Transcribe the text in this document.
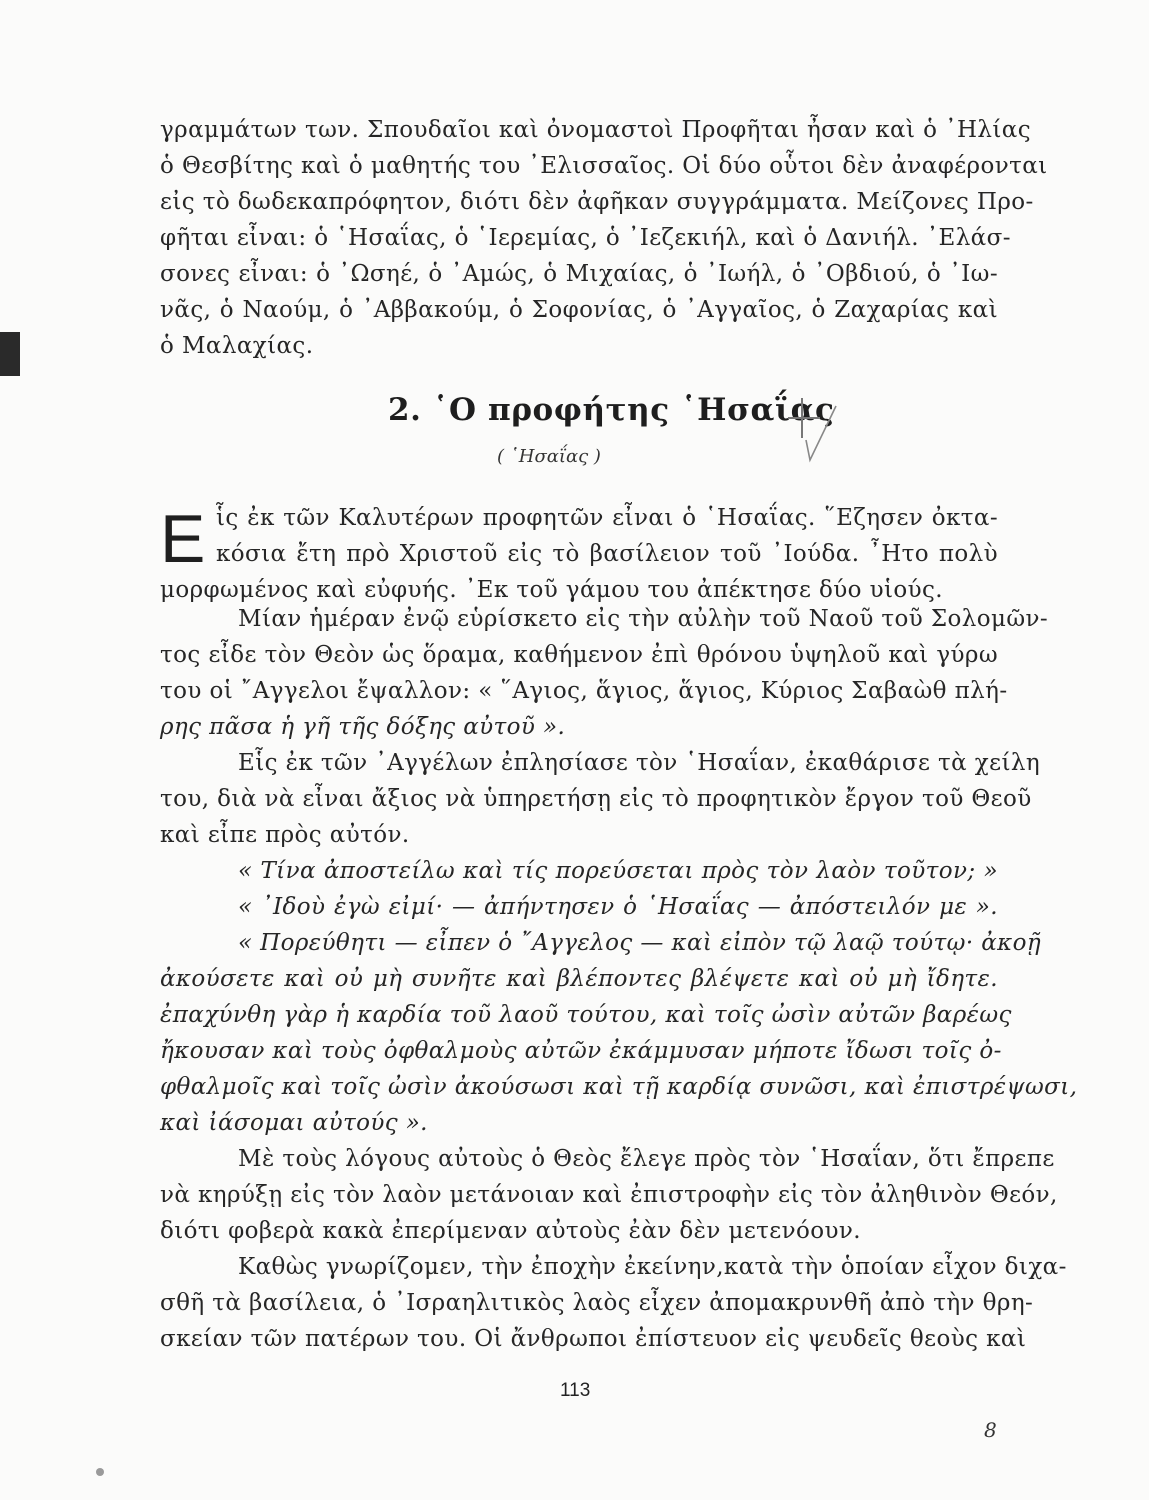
γραμμάτων των. Σπουδαῖοι καὶ ὀνομαστοὶ Προφῆται ἦσαν καὶ ὁ ᾿Ηλίας
ὁ Θεσβίτης καὶ ὁ μαθητής του ᾿Ελισσαῖος. Οἱ δύο οὗτοι δὲν ἀναφέρονται
εἰς τὸ δωδεκαπρόφητον, διότι δὲν ἀφῆκαν συγγράμματα. Μείζονες Προ-
φῆται εἶναι: ὁ ῾Ησαΐας, ὁ ῾Ιερεμίας, ὁ ᾿Ιεζεκιήλ, καὶ ὁ Δανιήλ. ᾿Ελάσ-
σονες εἶναι: ὁ ᾿Ωσηέ, ὁ ᾿Αμώς, ὁ Μιχαίας, ὁ ᾿Ιωήλ, ὁ ᾿Οβδιού, ὁ ᾿Ιω-
νᾶς, ὁ Ναούμ, ὁ ᾿Αββακούμ, ὁ Σοφονίας, ὁ ᾿Αγγαῖος, ὁ Ζαχαρίας καὶ
ὁ Μαλαχίας.
2. ῾Ο προφήτης ῾Ησαΐας
( ῾Ησαΐας )
Ε ἷς ἐκ τῶν Καλυτέρων προφητῶν εἶναι ὁ ῾Ησαΐας. ῞Εζησεν ὀκτα-
κόσια ἔτη πρὸ Χριστοῦ εἰς τὸ βασίλειον τοῦ ᾿Ιούδα. ῏Ητο πολὺ
μορφωμένος καὶ εὐφυής. ᾿Εκ τοῦ γάμου του ἀπέκτησε δύο υἱούς.
Μίαν ἡμέραν ἐνῷ εὑρίσκετο εἰς τὴν αὐλὴν τοῦ Ναοῦ τοῦ Σολομῶν-
τος εἶδε τὸν Θεὸν ὡς ὅραμα, καθήμενον ἐπὶ θρόνου ὑψηλοῦ καὶ γύρω
του οἱ ῎Αγγελοι ἔψαλλον: « ῞Αγιος, ἅγιος, ἅγιος, Κύριος Σαβαὼθ πλή-
ρης πᾶσα ἡ γῆ τῆς δόξης αὐτοῦ ».
Εἷς ἐκ τῶν ᾿Αγγέλων ἐπλησίασε τὸν ῾Ησαΐαν, ἐκαθάρισε τὰ χείλη
του, διὰ νὰ εἶναι ἄξιος νὰ ὑπηρετήσῃ εἰς τὸ προφητικὸν ἔργον τοῦ Θεοῦ
καὶ εἶπε πρὸς αὐτόν.
« Τίνα ἀποστείλω καὶ τίς πορεύσεται πρὸς τὸν λαὸν τοῦτον; »
« ᾿Ιδοὺ ἐγὼ εἰμί· — ἀπήντησεν ὁ ῾Ησαΐας — ἀπόστειλόν με ».
« Πορεύθητι — εἶπεν ὁ ῎Αγγελος — καὶ εἰπὸν τῷ λαῷ τούτῳ· ἀκοῇ
ἀκούσετε καὶ οὐ μὴ συνῆτε καὶ βλέποντες βλέψετε καὶ οὐ μὴ ἴδητε.
ἐπαχύνθη γὰρ ἡ καρδία τοῦ λαοῦ τούτου, καὶ τοῖς ὠσὶν αὐτῶν βαρέως
ἤκουσαν καὶ τοὺς ὀφθαλμοὺς αὐτῶν ἐκάμμυσαν μήποτε ἴδωσι τοῖς ὀ-
φθαλμοῖς καὶ τοῖς ὠσὶν ἀκούσωσι καὶ τῇ καρδίᾳ συνῶσι, καὶ ἐπιστρέψωσι,
καὶ ἰάσομαι αὐτούς ».
Μὲ τοὺς λόγους αὐτοὺς ὁ Θεὸς ἔλεγε πρὸς τὸν ῾Ησαΐαν, ὅτι ἔπρεπε
νὰ κηρύξῃ εἰς τὸν λαὸν μετάνοιαν καὶ ἐπιστροφὴν εἰς τὸν ἀληθινὸν Θεόν,
διότι φοβερὰ κακὰ ἐπερίμεναν αὐτοὺς ἐὰν δὲν μετενόουν.
Καθὼς γνωρίζομεν, τὴν ἐποχὴν ἐκείνην,κατὰ τὴν ὁποίαν εἶχον διχα-
σθῆ τὰ βασίλεια, ὁ ᾿Ισραηλιτικὸς λαὸς εἶχεν ἀπομακρυνθῆ ἀπὸ τὴν θρη-
σκείαν τῶν πατέρων του. Οἱ ἄνθρωποι ἐπίστευον εἰς ψευδεῖς θεοὺς καὶ
113
8
